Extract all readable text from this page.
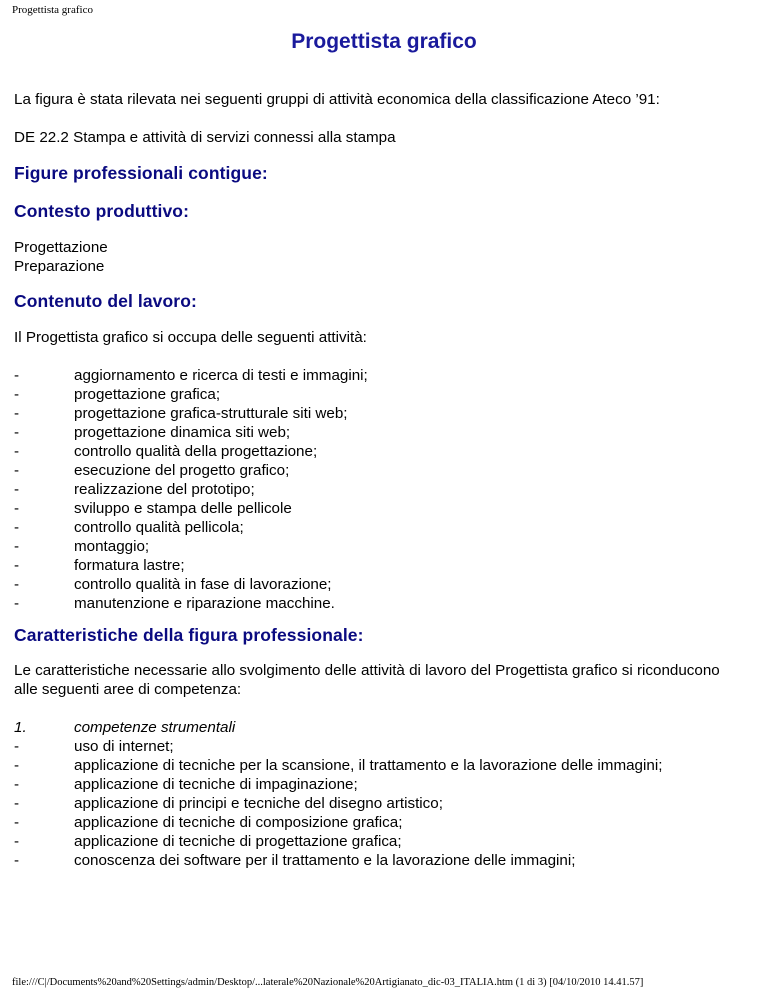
Progettista grafico
Progettista grafico

La figura è stata rilevata nei seguenti gruppi di attività economica della classificazione Ateco ’91:

DE 22.2 Stampa e attività di servizi connessi alla stampa

Figure professionali contigue:
Contesto produttivo:
Progettazione
Preparazione
Contenuto del lavoro:

Il Progettista grafico si occupa delle seguenti attività:

-	aggiornamento e ricerca di testi e immagini;
-	progettazione grafica;
-	progettazione grafica-strutturale siti web;
-	progettazione dinamica siti web;
-	controllo qualità della progettazione;
-	esecuzione del progetto grafico;
-	realizzazione del prototipo;
-	sviluppo e stampa delle pellicole
-	controllo qualità pellicola;
-	montaggio;
-	formatura lastre;
-	controllo qualità in fase di lavorazione;
-	manutenzione e riparazione macchine.
Caratteristiche della figura professionale:

Le caratteristiche necessarie allo svolgimento delle attività di lavoro del Progettista grafico si riconducono alle seguenti aree di competenza:

1.	competenze strumentali
-	uso di internet;
-	applicazione di tecniche per la scansione, il trattamento e la lavorazione delle immagini;
-	applicazione di tecniche di impaginazione;
-	applicazione di principi e tecniche del disegno artistico;
-	applicazione di tecniche di composizione grafica;
-	applicazione di tecniche di progettazione grafica;
-	conoscenza dei software per il trattamento e la lavorazione delle immagini;
file:///C|/Documents%20and%20Settings/admin/Desktop/...laterale%20Nazionale%20Artigianato_dic-03_ITALIA.htm (1 di 3) [04/10/2010 14.41.57]
